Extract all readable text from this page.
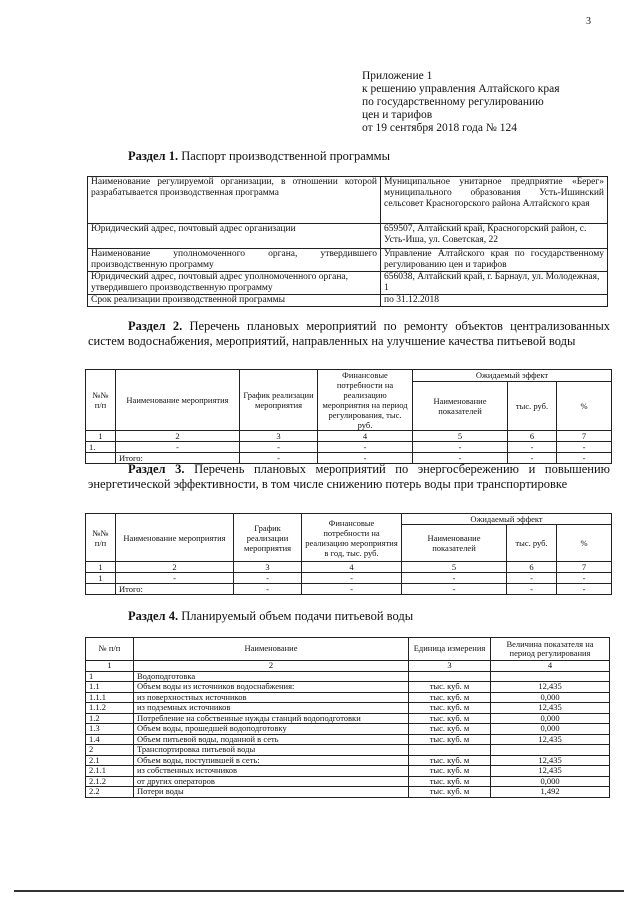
3
Приложение 1
к решению управления Алтайского края
по государственному регулированию
цен и тарифов
от 19 сентября 2018 года № 124
Раздел 1. Паспорт производственной программы
Наименование регулируемой организации, в отношении которой разрабатывается производственная программа	Муниципальное унитарное предприятие «Берег» муниципального образования Усть-Ишинский сельсовет Красногорского района Алтайского края
Юридический адрес, почтовый адрес организации	659507, Алтайский край, Красногорский район, с. Усть-Иша, ул. Советская, 22
Наименование уполномоченного органа, утвердившего производственную программу	Управление Алтайского края по государственному регулированию цен и тарифов
Юридический адрес, почтовый адрес уполномоченного органа, утвердившего производственную программу	656038, Алтайский край, г. Барнаул, ул. Молодежная, 1
Срок реализации производственной программы	по 31.12.2018
Раздел 2. Перечень плановых мероприятий по ремонту объектов централизованных систем водоснабжения, мероприятий, направленных на улучшение качества питьевой воды
№№ п/п	Наименование мероприятия	График реализации мероприятия	Финансовые потребности на реализацию мероприятия на период регулирования, тыс. руб.	Ожидаемый эффект		
				Наименование показателей	тыс. руб.	%
1	2	3	4	5	6	7
1.	-	-	-	-	-	-
	Итого:	-	-	-	-	-
Раздел 3. Перечень плановых мероприятий по энергосбережению и повышению энергетической эффективности, в том числе снижению потерь воды при транспортировке
№№ п/п	Наименование мероприятия	График реализации мероприятия	Финансовые потребности на реализацию мероприятия в год, тыс. руб.	Ожидаемый эффект		
				Наименование показателей	тыс. руб.	%
1	2	3	4	5	6	7
1	-	-	-	-	-	-
	Итого:	-	-	-	-	-
Раздел 4. Планируемый объем подачи питьевой воды
№ п/п	Наименование	Единица измерения	Величина показателя на период регулирования
1	2	3	4
1	Водоподготовка		
1.1	Объем воды из источников водоснабжения:	тыс. куб. м	12,435
1.1.1	из поверхностных источников	тыс. куб. м	0,000
1.1.2	из подземных источников	тыс. куб. м	12,435
1.2	Потребление на собственные нужды станций водоподготовки	тыс. куб. м	0,000
1.3	Объем воды, прошедшей водоподготовку	тыс. куб. м	0,000
1.4	Объем питьевой воды, поданной в сеть	тыс. куб. м	12,435
2	Транспортировка питьевой воды		
2.1	Объем воды, поступившей в сеть:	тыс. куб. м	12,435
2.1.1	из собственных источников	тыс. куб. м	12,435
2.1.2	от других операторов	тыс. куб. м	0,000
2.2	Потери воды	тыс. куб. м	1,492
